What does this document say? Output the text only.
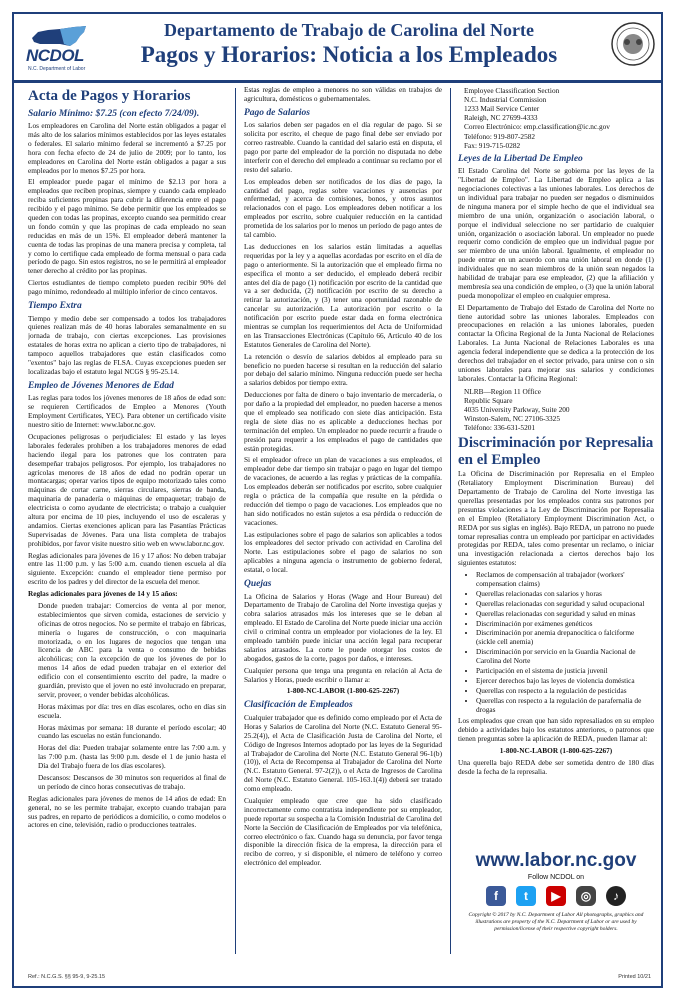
NCDOL
N.C. Department of Labor
Departamento de Trabajo de Carolina del Norte
Pagos y Horarios: Noticia a los Empleados
Acta de Pagos y Horarios
Salario Mínimo: $7.25 (con efecto 7/24/09).

Los empleadores en Carolina del Norte están obligados a pagar el más alto de los salarios mínimos establecidos por las leyes estatales o federales. El salario mínimo federal se incrementó a $7.25 por hora con fecha efecto de 24 de julio de 2009; por lo tanto, los empleadores en Carolina del Norte están obligados a pagar a sus empleados por lo menos $7.25 por hora.

El empleador puede pagar el mínimo de $2.13 por hora a empleados que reciben propinas, siempre y cuando cada empleado reciba suficientes propinas para cubrir la diferencia entre el pago recibido y el pago mínimo. Se debe permitir que los empleados se queden con todas las propinas, excepto cuando sea permitido crear un fondo común y que las propinas de cada empleado no sean reducidas en más de un 15%. El empleador deberá mantener la cuenta de todas las propinas de una manera precisa y completa, tal y como lo certifique cada empleado de forma mensual o para cada período de pago. Sin estos registros, no se le permitirá al empleador tener derecho al crédito por las propinas.

Ciertos estudiantes de tiempo completo pueden recibir 90% del pago mínimo, redondeado al múltiplo inferior de cinco centavos.

Tiempo Extra

Tiempo y medio debe ser compensado a todos los trabajadores quienes realizan más de 40 horas laborales semanalmente en su jornada de trabajo, con ciertas excepciones. Las provisiones estatales de horas extra no aplican a cierto tipo de trabajadores, ni tampoco aquellos trabajadores que están clasificados como "exentos" bajo las reglas de FLSA. Cuyas excepciones pueden ser localizadas bajo el estatuto legal NCGS § 95-25.14.

Empleo de Jóvenes Menores de Edad

Las reglas para todos los jóvenes menores de 18 años de edad son: se requieren Certificados de Empleo a Menores (Youth Employment Certificates, YEC). Para obtener un certificado visite nuestro sitio de Internet: www.labor.nc.gov.

Ocupaciones peligrosas o perjudiciales: El estado y las leyes laborales federales prohíben a los trabajadores menores de edad haciendo ilegal para los patrones que los contraten para desempeñar trabajos peligrosos. Por ejemplo, los trabajadores no agrícolas menores de 18 años de edad no podrán operar un montacargas; operar varios tipos de equipo motorizado tales como máquinas de cortar carne, sierras circulares, sierras de banda, maquinaria de panadería o máquinas de empaquetar; trabajo de electricista o como ayudante de electricista; o trabajo a cualquier altura por encima de 10 pies, incluyendo el uso de escaleras y andamios. Ciertas exenciones aplican para las Pasantías Prácticas Supervisadas de Jóvenes. Para una lista completa de trabajos prohibidos, por favor visite nuestro sitio web en www.labor.nc.gov.

Reglas adicionales para jóvenes de 16 y 17 años: No deben trabajar entre las 11:00 p.m. y las 5:00 a.m. cuando tienen escuela al día siguiente. Excepción: cuando el empleador tiene permiso por escrito de los padres y del director de la escuela del menor.

Reglas adicionales para jóvenes de 14 y 15 años:

Donde pueden trabajar: Comercios de venta al por menor, establecimientos que sirven comida, estaciones de servicio y oficinas de otros negocios. No se permite el trabajo en fábricas, minería o lugares de construcción, o con maquinaria motorizada, o en los lugares de negocios que tengan una licencia de ABC para la venta o consumo de bebidas alcohólicas; con la excepción de que los jóvenes de por lo menos 14 años de edad pueden trabajar en el exterior del edificio con el consentimiento escrito del padre, la madre o guardián, previsto que el joven no esté involucrado en preparar, servir, proveer, o vender bebidas alcohólicas.

Horas máximas por día: tres en días escolares, ocho en días sin escuela.

Horas máximas por semana: 18 durante el período escolar; 40 cuando las escuelas no están funcionando.

Horas del día: Pueden trabajar solamente entre las 7:00 a.m. y las 7:00 p.m. (hasta las 9:00 p.m. desde el 1 de junio hasta el Día del Trabajo fuera de los días escolares).

Descansos: Descansos de 30 minutos son requeridos al final de un período de cinco horas consecutivas de trabajo.

Reglas adicionales para jóvenes de menos de 14 años de edad: En general, no se les permite trabajar, excepto cuando trabajan para sus padres, en reparto de periódicos a domicilio, o como modelos o actores en cine, televisión, radio o producciones teatrales.

Estas reglas de empleo a menores no son válidas en trabajos de agricultura, domésticos o gubernamentales.

Pago de Salarios

Los salarios deben ser pagados en el día regular de pago. Si se solicita por escrito, el cheque de pago final debe ser enviado por correo rastreable. Cuando la cantidad del salario está en disputa, el pago por parte del empleador de la porción no disputada no debe interferir con el derecho del empleado a continuar su reclamo por el resto del salario.

Los empleados deben ser notificados de los días de pago, la cantidad del pago, reglas sobre vacaciones y ausencias por enfermedad, y acerca de comisiones, bonos, y otros asuntos relacionados con el pago. Los empleadores deben notificar a los empleados por escrito, sobre cualquier reducción en la cantidad prometida de los salarios por lo menos un período de pago antes de tal cambio.

Las deducciones en los salarios están limitadas a aquellas requeridas por la ley y a aquellas acordadas por escrito en el día de pago o anteriormente. Si la autorización que el empleado firma no específica el monto a ser deducido, el empleado deberá recibir antes del día de pago (1) notificación por escrito de la cantidad que va a ser deducida, (2) notificación por escrito de su derecho a retirar la autorización, y (3) tener una oportunidad razonable de cancelar su autorización. La autorización por escrito o la notificación por escrito puede estar dada en forma electrónica mientras se cumplan los requerimientos del Acta de Uniformidad en las Transacciones Electrónicas (Capítulo 66, Artículo 40 de los Estatutos Generales de Carolina del Norte).

La retención o desvío de salarios debidos al empleado para su beneficio no pueden hacerse si resultan en la reducción del salario por debajo del salario mínimo. Ninguna reducción puede ser hecha a salarios debidos por tiempo extra.

Deducciones por falta de dinero o bajo inventario de mercadería, o por daño a la propiedad del empleador, no pueden hacerse a menos que el empleado sea notificado con siete días anticipación. Esta regla de siete días no es aplicable a deducciones hechas por terminación del empleo. Un empleador no puede recurrir a fraude o presión para requerir a los empleados el pago de cantidades que están protegidas.

Si el empleador ofrece un plan de vacaciones a sus empleados, el empleador debe dar tiempo sin trabajar o pago en lugar del tiempo de vacaciones, de acuerdo a las reglas y prácticas de la compañía. Los empleados deberán ser notificados por escrito, sobre cualquier regla o práctica de la compañía que resulte en la pérdida o reducción del tiempo o pago de vacaciones. Los empleados que no han sido notificados no están sujetos a esa pérdida o reducción de vacaciones.

Las estipulaciones sobre el pago de salarios son aplicables a todos los empleadores del sector privado con actividad en Carolina del Norte. Las estipulaciones sobre el pago de salarios no son aplicables a ninguna agencia o instrumento de gobierno federal, estatal, o local.

Quejas

La Oficina de Salarios y Horas (Wage and Hour Bureau) del Departamento de Trabajo de Carolina del Norte investiga quejas y cobra salarios atrasados más los intereses que se le deban al empleado. El Estado de Carolina del Norte puede iniciar una acción civil o criminal contra un empleador por violaciones de la ley. El empleado también puede iniciar una acción legal para recuperar salarios atrasados. La corte le puede otorgar los costos de abogados, gastos de la corte, pagos por daños, e intereses.

Cualquier persona que tenga una pregunta en relación al Acta de Salarios y Horas, puede escribir o llamar a:

1-800-NC-LABOR (1-800-625-2267)
Clasificación de Empleados

Cualquier trabajador que es definido como empleado por el Acta de Horas y Salarios de Carolina del Norte (N.C. Estatuto General 95-25.2(4)), el Acta de Clasificación Justa de Carolina del Norte, el Código de Ingresos Internos adoptado por las leyes de la Seguridad al Trabajador de Carolina del Norte (N.C. Estatuto General 96-1(b) (10)), el Acta de Recompensa al Trabajador de Carolina del Norte (N.C. Estatuto General. 97-2(2)), o el Acta de Ingresos de Carolina del Norte (N.C. Estatuto General. 105-163.1(4)) deberá ser tratado como empleado.

Cualquier empleado que cree que ha sido clasificado incorrectamente como contratista independiente por su empleador, puede reportar su sospecha a la Comisión Industrial de Carolina del Norte la Sección de Clasificación de Empleados por vía telefónica, correo electrónico o fax. Cuando haga su denuncia, por favor tenga disponible la dirección física de la empresa, la dirección para el recibo de correo, y si disponible, el número de teléfono y correo electrónico del empleador.

Employee Classification Section
N.C. Industrial Commission
1233 Mail Service Center
Raleigh, NC 27699-4333
Correo Electrónico: emp.classification@ic.nc.gov
Teléfono: 919-807-2582
Fax: 919-715-0282
Leyes de la Libertad De Empleo

El Estado Carolina del Norte se gobierna por las leyes de la "Libertad de Empleo". La Libertad de Empleo aplica a las negociaciones colectivas a las uniones laborales. Los derechos de un individual para trabajar no pueden ser negados o disminuidos de ninguna manera por el simple hecho de que el individual sea miembro de una unión, organización o asociación laboral, o porque el individual seleccione no ser partidario de cualquier unión, organización o asociación laboral. Un empleador no puede requerir como condición de empleo que un individual pague por ser miembro de una unión laboral. Igualmente, el empleador no puede entrar en un acuerdo con una unión laboral en donde (1) individuales que no sean miembros de la unión sean negados la habilidad de trabajar para ese empleador, (2) que la afiliación y membresía sea una condición de empleo, o (3) que la unión laboral pueda monopolizar el empleo en cualquier empresa.

El Departamento de Trabajo del Estado de Carolina del Norte no tiene autoridad sobre las uniones laborales. Empleados con preocupaciones en relación a las uniones laborales, pueden contactar la Oficina Regional de la Junta Nacional de Relaciones Laborales. La Junta Nacional de Relaciones Laborales es una agencia federal independiente que se dedica a la protección de los derechos del trabajador en el sector privado, para unirse con o sin uniones laborales para mejorar sus salarios y condiciones laborales. Contactar la Oficina Regional:

NLRB—Region 11 Office
Republic Square
4035 University Parkway, Suite 200
Winston-Salem, NC 27106-3325
Teléfono: 336-631-5201
Discriminación por Represalia en el Empleo

La Oficina de Discriminación por Represalia en el Empleo (Retaliatory Employment Discrimination Bureau) del Departamento de Trabajo de Carolina del Norte investiga las querellas presentadas por los empleados contra sus patronos por presuntas violaciones a la Ley de Discriminación por Represalia en el Empleo (Retaliatory Employment Discrimination Act, o REDA por sus siglas en inglés). Bajo REDA, un patrono no puede tomar represalias contra un empleado por participar en actividades protegidas por REDA, tales como presentar un reclamo, o iniciar una investigación relacionada a ciertos derechos bajo los siguientes estatutos:

• Reclamos de compensación al trabajador (workers' compensation claims)
• Querellas relacionadas con salarios y horas
• Querellas relacionadas con seguridad y salud ocupacional
• Querellas relacionadas con seguridad y salud en minas
• Discriminación por exámenes genéticos
• Discriminación por anemia drepanocítica o falciforme (sickle cell anemia)
• Discriminación por servicio en la Guardia Nacional de Carolina del Norte
• Participación en el sistema de justicia juvenil
• Ejercer derechos bajo las leyes de violencia doméstica
• Querellas con respecto a la regulación de pesticidas
• Querellas con respecto a la regulación de parafernalia de drogas

Los empleados que crean que han sido represaliados en su empleo debido a actividades bajo los estatutos anteriores, o patronos que tienen preguntas sobre la aplicación de REDA, pueden llamar al:

1-800-NC-LABOR (1-800-625-2267)

Una querella bajo REDA debe ser sometida dentro de 180 días desde la fecha de la represalia.

www.labor.nc.gov
Follow NCDOL on
f	t	▶	◎	♪
Copyright © 2017 by N.C. Department of Labor All photographs, graphics and illustrations are property of the N.C. Department of Labor or are used by permission/license of their respective copyright holders.
Ref.: N.C.G.S. §§ 95-9, 9-25.15	Printed 10/21
